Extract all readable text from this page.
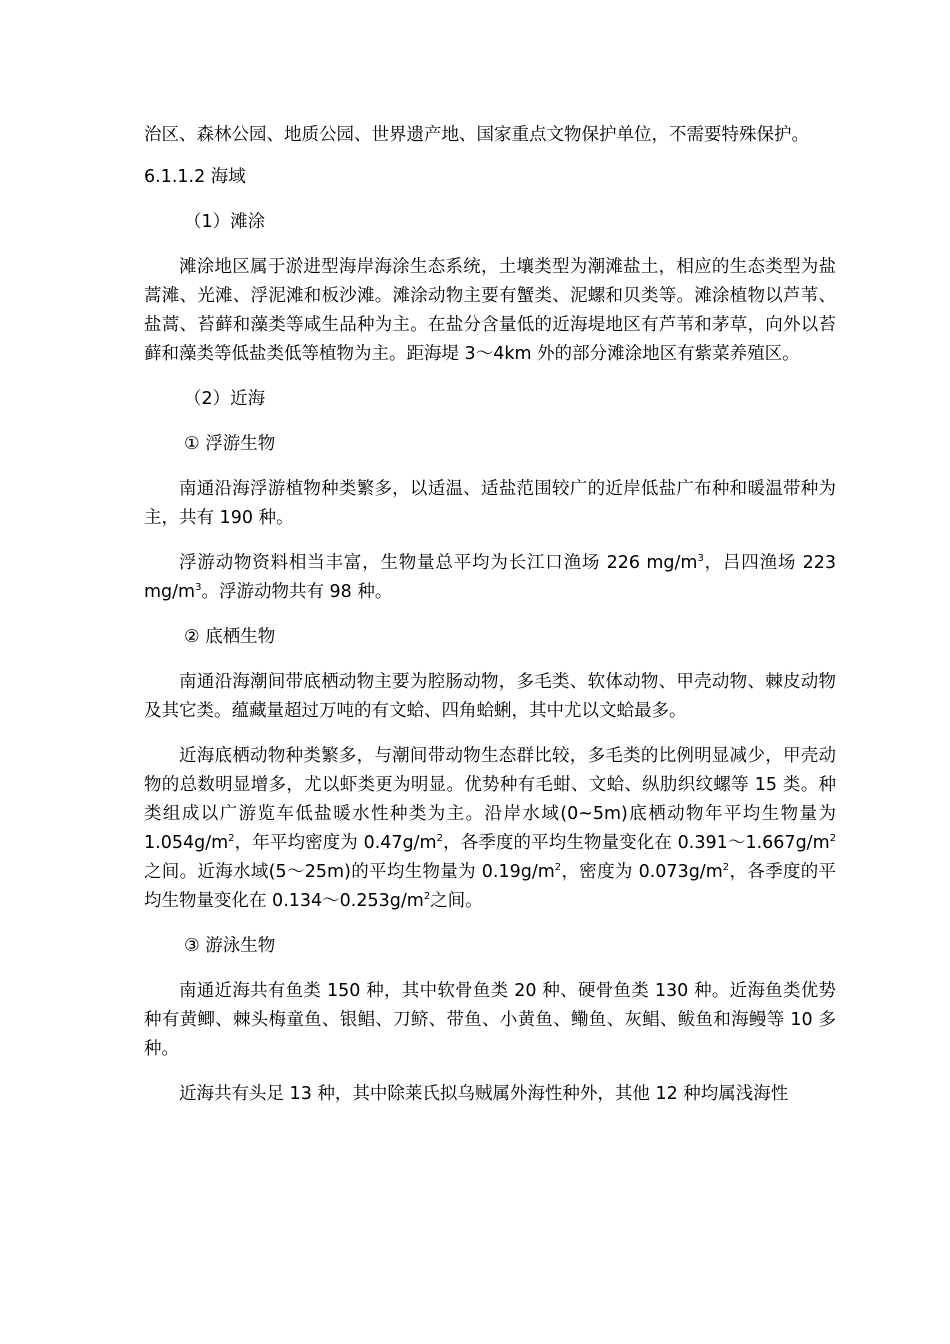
治区、森林公园、地质公园、世界遗产地、国家重点文物保护单位，不需要特殊保护。

6.1.1.2 海域

（1）滩涂

滩涂地区属于淤进型海岸海涂生态系统，土壤类型为潮滩盐土，相应的生态类型为盐蒿滩、光滩、浮泥滩和板沙滩。滩涂动物主要有蟹类、泥螺和贝类等。滩涂植物以芦苇、盐蒿、苔藓和藻类等咸生品种为主。在盐分含量低的近海堤地区有芦苇和茅草，向外以苔藓和藻类等低盐类低等植物为主。距海堤 3～4km 外的部分滩涂地区有紫菜养殖区。

（2）近海

① 浮游生物

南通沿海浮游植物种类繁多，以适温、适盐范围较广的近岸低盐广布种和暖温带种为主，共有 190 种。

浮游动物资料相当丰富，生物量总平均为长江口渔场 226 $mg/m^3$，吕四渔场 223 $mg/m^3$。浮游动物共有 98 种。

② 底栖生物

南通沿海潮间带底栖动物主要为腔肠动物，多毛类、软体动物、甲壳动物、棘皮动物及其它类。蕴藏量超过万吨的有文蛤、四角蛤蜊，其中尤以文蛤最多。

近海底栖动物种类繁多，与潮间带动物生态群比较，多毛类的比例明显减少，甲壳动物的总数明显增多，尤以虾类更为明显。优势种有毛蚶、文蛤、纵肋织纹螺等 15 类。种类组成以广游览车低盐暖水性种类为主。沿岸水域(0~5m)底栖动物年平均生物量为 $1.054g/m^2$，年平均密度为 $0.47g/m^2$，各季度的平均生物量变化在 $0.391\sim 1.667g/m^2$之间。近海水域(5～25m)的平均生物量为 $0.19g/m^2$，密度为 $0.073g/m^2$，各季度的平均生物量变化在 $0.134\sim 0.253g/m^2$之间。

③ 游泳生物

南通近海共有鱼类 150 种，其中软骨鱼类 20 种、硬骨鱼类 130 种。近海鱼类优势种有黄鲫、棘头梅童鱼、银鲳、刀鲚、带鱼、小黄鱼、鳓鱼、灰鲳、鲅鱼和海鳗等 10 多种。

近海共有头足 13 种，其中除莱氏拟乌贼属外海性种外，其他 12 种均属浅海性
